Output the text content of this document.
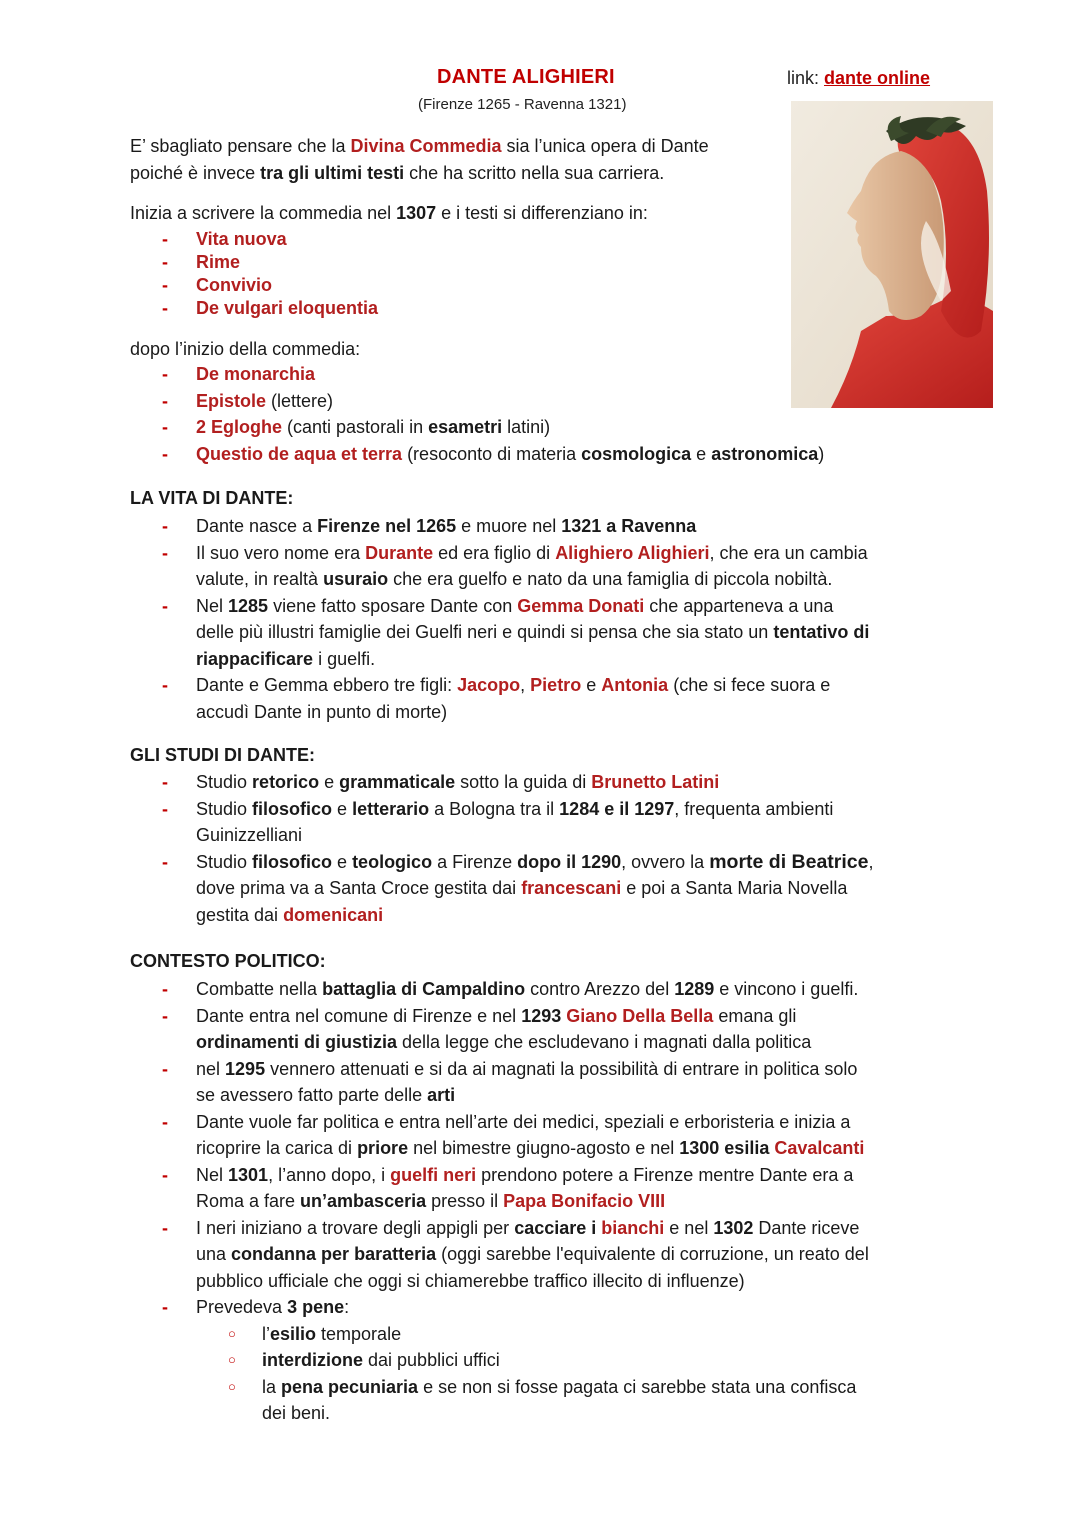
DANTE ALIGHIERI
(Firenze 1265 - Ravenna 1321)
link: dante online

E’ sbagliato pensare che la Divina Commedia sia l’unica opera di Dante
poiché è invece tra gli ultimi testi che ha scritto nella sua carriera.

Inizia a scrivere la commedia nel 1307 e i testi si differenziano in:

- Vita nuova
- Rime
- Convivio
- De vulgari eloquentia

dopo l’inizio della commedia:

- De monarchia
- Epistole (lettere)
- 2 Egloghe (canti pastorali in esametri latini)
- Questio de aqua et terra (resoconto di materia cosmologica e astronomica)

LA VITA DI DANTE:

- Dante nasce a Firenze nel 1265 e muore nel 1321 a Ravenna
- Il suo vero nome era Durante ed era figlio di Alighiero Alighieri, che era un cambia
valute, in realtà usuraio che era guelfo e nato da una famiglia di piccola nobiltà.
- Nel 1285 viene fatto sposare Dante con Gemma Donati che apparteneva a una
delle più illustri famiglie dei Guelfi neri e quindi si pensa che sia stato un tentativo di
riappacificare i guelfi.
- Dante e Gemma ebbero tre figli: Jacopo, Pietro e Antonia (che si fece suora e
accudì Dante in punto di morte)

GLI STUDI DI DANTE:

- Studio retorico e grammaticale sotto la guida di Brunetto Latini
- Studio filosofico e letterario a Bologna tra il 1284 e il 1297, frequenta ambienti
Guinizzelliani
- Studio filosofico e teologico a Firenze dopo il 1290, ovvero la morte di Beatrice,
dove prima va a Santa Croce gestita dai francescani e poi a Santa Maria Novella
gestita dai domenicani

CONTESTO POLITICO:

- Combatte nella battaglia di Campaldino contro Arezzo del 1289 e vincono i guelfi.
- Dante entra nel comune di Firenze e nel 1293 Giano Della Bella emana gli
ordinamenti di giustizia della legge che escludevano i magnati dalla politica
- nel 1295 vennero attenuati e si da ai magnati la possibilità di entrare in politica solo
se avessero fatto parte delle arti
- Dante vuole far politica e entra nell’arte dei medici, speziali e erboristeria e inizia a
ricoprire la carica di priore nel bimestre giugno-agosto e nel 1300 esilia Cavalcanti
- Nel 1301, l’anno dopo, i guelfi neri prendono potere a Firenze mentre Dante era a
Roma a fare un’ambasceria presso il Papa Bonifacio VIII
- I neri iniziano a trovare degli appigli per cacciare i bianchi e nel 1302 Dante riceve
una condanna per baratteria (oggi sarebbe l'equivalente di corruzione, un reato del
pubblico ufficiale che oggi si chiamerebbe traffico illecito di influenze)
- Prevedeva 3 pene:
○ l’esilio temporale
○ interdizione dai pubblici uffici
○ la pena pecuniaria e se non si fosse pagata ci sarebbe stata una confisca
dei beni.
